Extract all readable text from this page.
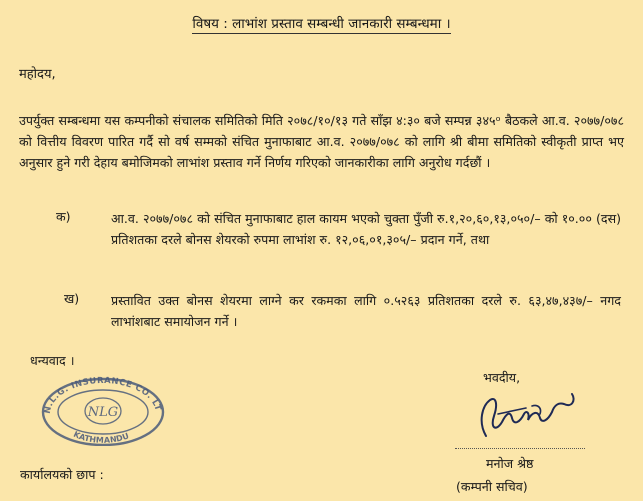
विषय : लाभांश प्रस्ताव सम्बन्धी जानकारी सम्बन्धमा ।
महोदय,
उपर्युक्त सम्बन्धमा यस कम्पनीको संचालक समितिको मिति २०७८/१०/१३ गते साँझ ४:३० बजे सम्पन्न ३४५ᵒ बैठकले आ.व. २०७७/०७८ को वित्तीय विवरण पारित गर्दै सो वर्ष सम्मको संचित मुनाफाबाट आ.व. २०७७/०७८ को लागि श्री बीमा समितिको स्वीकृती प्राप्त भए अनुसार हुने गरी देहाय बमोजिमको लाभांश प्रस्ताव गर्ने निर्णय गरिएको जानकारीका लागि अनुरोध गर्दछौं ।
क)	आ.व. २०७७/०७८ को संचित मुनाफाबाट हाल कायम भएको चुक्ता पुँजी रु.१,२०,६०,१३,०५०/– को १०.०० (दस) प्रतिशतका दरले बोनस शेयरको रुपमा लाभांश रु. १२,०६,०१,३०५/– प्रदान गर्ने, तथा
ख)	प्रस्तावित उक्त बोनस शेयरमा लाग्ने कर रकमका लागि ०.५२६३ प्रतिशतका दरले रु. ६३,४७,४३७/– नगद लाभांशबाट समायोजन गर्ने ।
धन्यवाद ।
भवदीय,
N.L.G. INSURANCE CO. LT
KATHMANDU
NLG
मनोज श्रेष्ठ
(कम्पनी सचिव)
कार्यालयको छाप :
